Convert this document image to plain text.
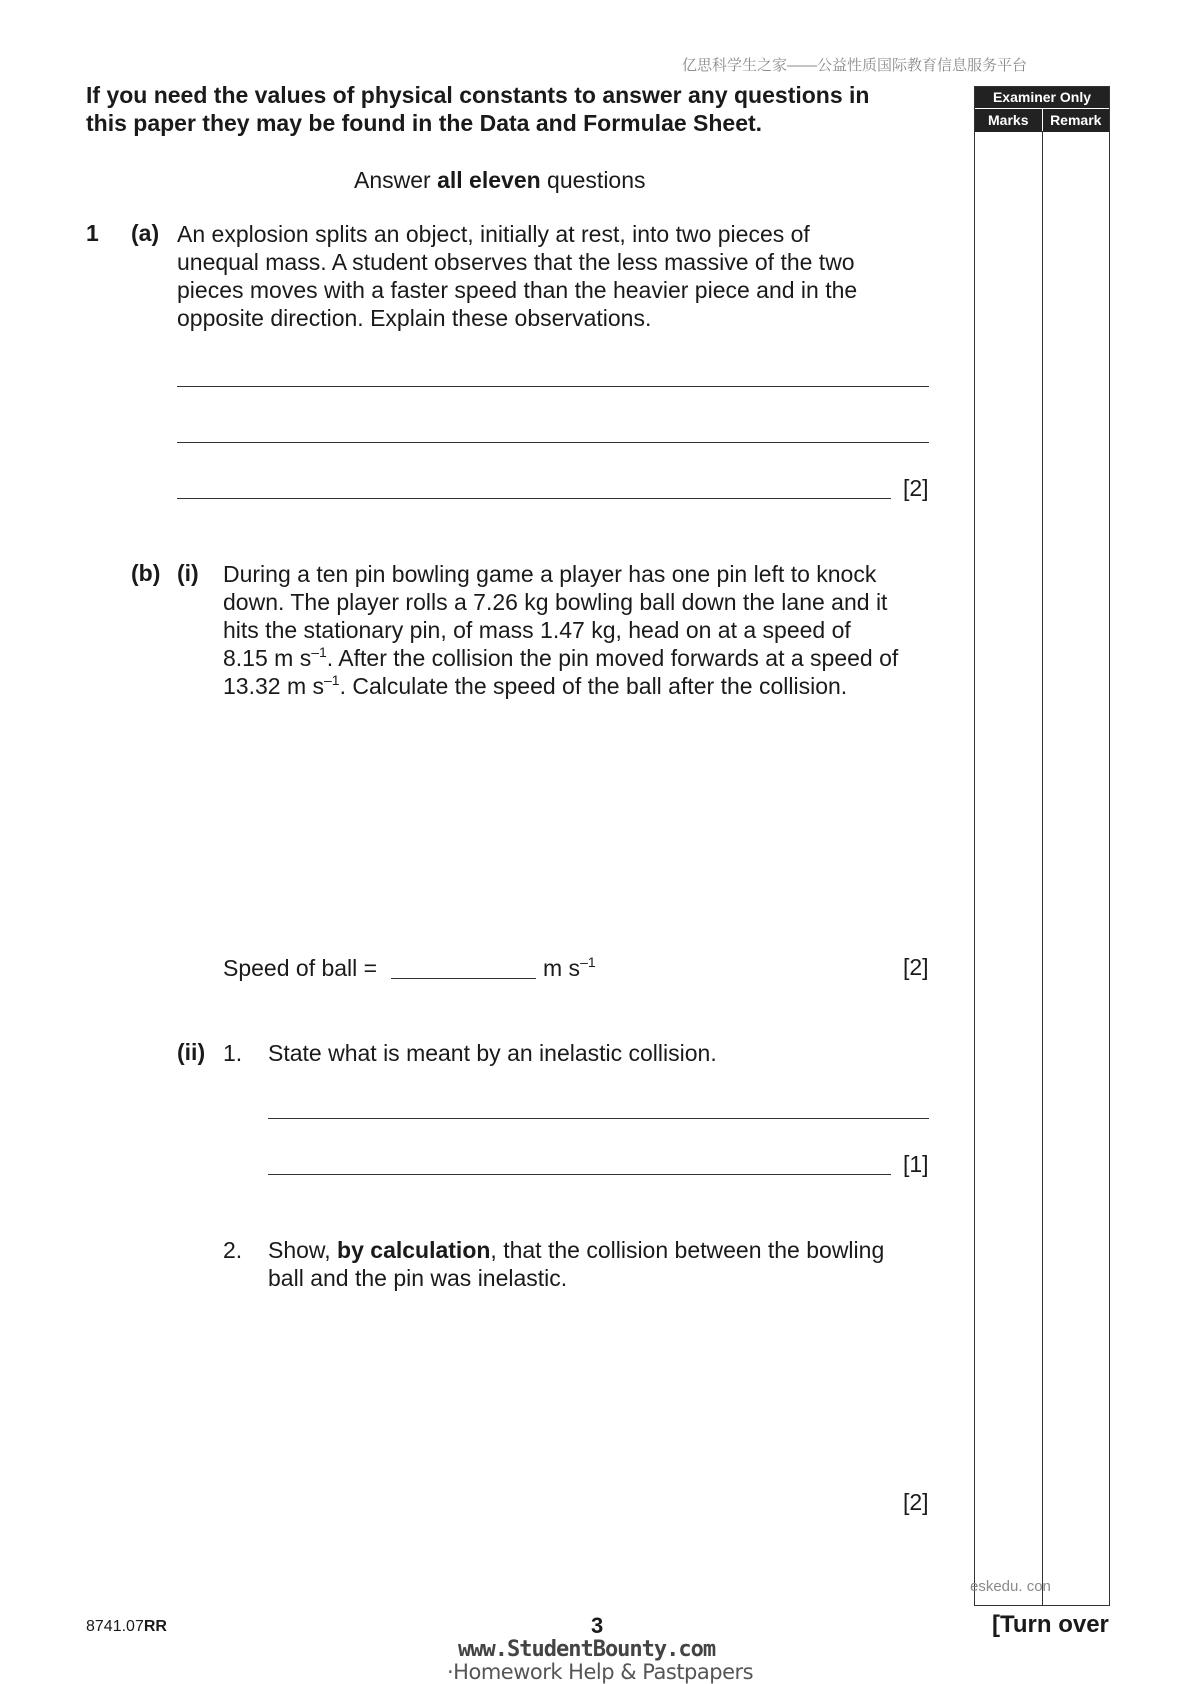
亿思科学生之家——公益性质国际教育信息服务平台
If you need the values of physical constants to answer any questions in
this paper they may be found in the Data and Formulae Sheet.
Examiner Only
Marks	Remark
Answer all eleven questions
1 (a) An explosion splits an object, initially at rest, into two pieces of
unequal mass. A student observes that the less massive of the two
pieces moves with a faster speed than the heavier piece and in the
opposite direction. Explain these observations.
[2]
(b) (i) During a ten pin bowling game a player has one pin left to knock
down. The player rolls a 7.26 kg bowling ball down the lane and it
hits the stationary pin, of mass 1.47 kg, head on at a speed of
8.15 m $s^{-1}$. After the collision the pin moved forwards at a speed of
13.32 m $s^{-1}$. Calculate the speed of the ball after the collision.
Speed of ball =	m $s^{-1}$	[2]
(ii) 1. State what is meant by an inelastic collision.
[1]
2. Show, by calculation, that the collision between the bowling
ball and the pin was inelastic.
[2]
eskedu. con
8741.07RR	3	[Turn over
www.StudentBounty.com
·Homework Help & Pastpapers
